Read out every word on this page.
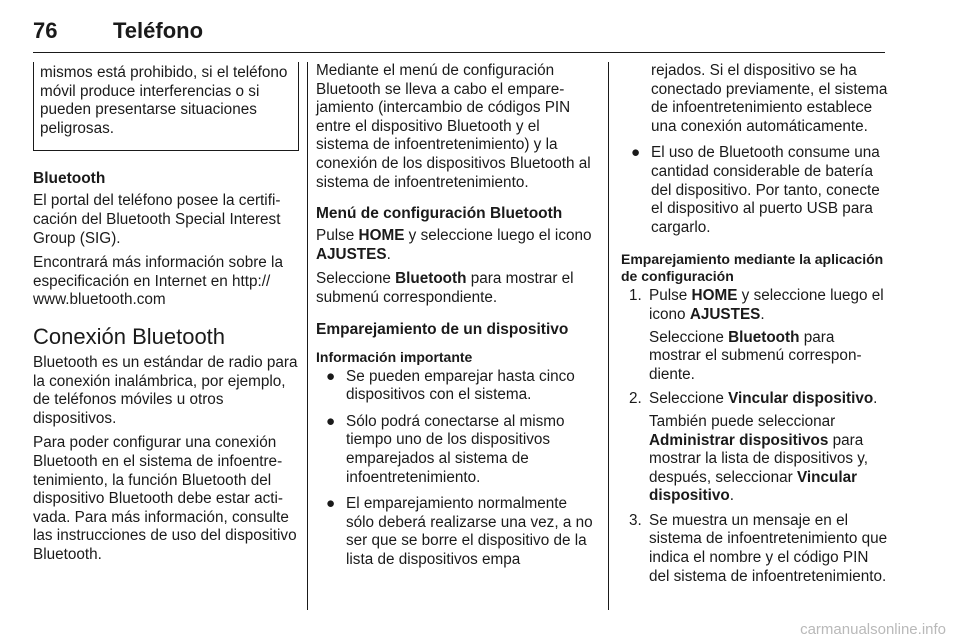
76	Teléfono

mismos está prohibido, si el teléfono móvil produce interferencias o si pueden presentarse situaciones peligrosas.

Bluetooth

El portal del teléfono posee la certificación del Bluetooth Special Interest Group (SIG).

Encontrará más información sobre la especificación en Internet en http:// www.bluetooth.com

Conexión Bluetooth

Bluetooth es un estándar de radio para la conexión inalámbrica, por ejemplo, de teléfonos móviles u otros dispositivos.

Para poder configurar una conexión Bluetooth en el sistema de infoentretenimiento, la función Bluetooth del dispositivo Bluetooth debe estar activada. Para más información, consulte las instrucciones de uso del dispositivo Bluetooth.

Mediante el menú de configuración Bluetooth se lleva a cabo el emparejamiento (intercambio de códigos PIN entre el dispositivo Bluetooth y el sistema de infoentretenimiento) y la conexión de los dispositivos Bluetooth al sistema de infoentretenimiento.

Menú de configuración Bluetooth

Pulse HOME y seleccione luego el icono AJUSTES.

Seleccione Bluetooth para mostrar el submenú correspondiente.

Emparejamiento de un dispositivo
Información importante
● Se pueden emparejar hasta cinco dispositivos con el sistema.
● Sólo podrá conectarse al mismo tiempo uno de los dispositivos emparejados al sistema de infoentretenimiento.
● El emparejamiento normalmente sólo deberá realizarse una vez, a no ser que se borre el dispositivo de la lista de dispositivos empa
rejados. Si el dispositivo se ha conectado previamente, el sistema de infoentretenimiento establece una conexión automáticamente.
● El uso de Bluetooth consume una cantidad considerable de batería del dispositivo. Por tanto, conecte el dispositivo al puerto USB para cargarlo.
Emparejamiento mediante la aplicación de configuración
1. Pulse HOME y seleccione luego el icono AJUSTES.

Seleccione Bluetooth para mostrar el submenú correspondiente.

2. Seleccione Vincular dispositivo.

También puede seleccionar Administrar dispositivos para mostrar la lista de dispositivos y, después, seleccionar Vincular dispositivo.

3. Se muestra un mensaje en el sistema de infoentretenimiento que indica el nombre y el código PIN del sistema de infoentretenimiento.
carmanualsonline.info
